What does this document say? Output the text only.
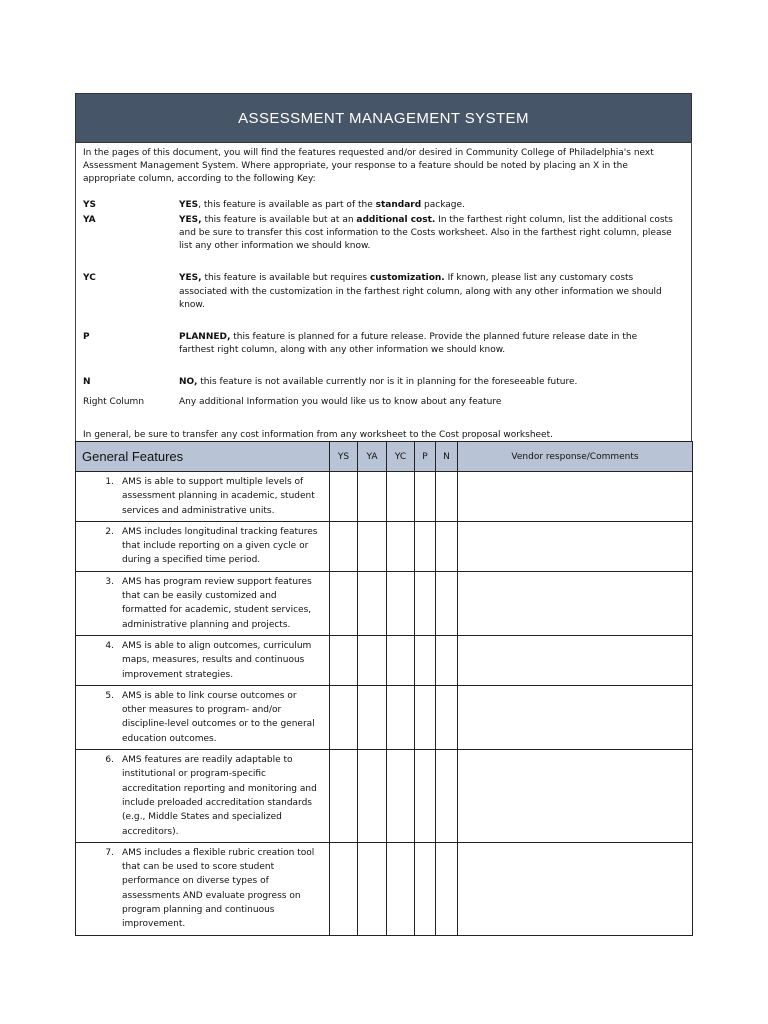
ASSESSMENT MANAGEMENT SYSTEM

In the pages of this document, you will find the features requested and/or desired in Community College of Philadelphia's next Assessment Management System. Where appropriate, your response to a feature should be noted by placing an X in the appropriate column, according to the following Key:

YS	YES, this feature is available as part of the standard package.
YA	YES, this feature is available but at an additional cost. In the farthest right column, list the additional costs and be sure to transfer this cost information to the Costs worksheet. Also in the farthest right column, please list any other information we should know.
YC	YES, this feature is available but requires customization. If known, please list any customary costs associated with the customization in the farthest right column, along with any other information we should know.
P	PLANNED, this feature is planned for a future release. Provide the planned future release date in the farthest right column, along with any other information we should know.
N	NO, this feature is not available currently nor is it in planning for the foreseeable future.
Right Column	Any additional Information you would like us to know about any feature
In general, be sure to transfer any cost information from any worksheet to the Cost proposal worksheet.
General Features	YS	YA	YC	P	N	Vendor response/Comments

1. AMS is able to support multiple levels of assessment planning in academic, student services and administrative units.						

2. AMS includes longitudinal tracking features that include reporting on a given cycle or during a specified time period.						

3. AMS has program review support features that can be easily customized and formatted for academic, student services, administrative planning and projects.						

4. AMS is able to align outcomes, curriculum maps, measures, results and continuous improvement strategies.						

5. AMS is able to link course outcomes or other measures to program- and/or discipline-level outcomes or to the general education outcomes.						

6. AMS features are readily adaptable to institutional or program-specific accreditation reporting and monitoring and include preloaded accreditation standards (e.g., Middle States and specialized accreditors).						

7. AMS includes a flexible rubric creation tool that can be used to score student performance on diverse types of assessments AND evaluate progress on program planning and continuous improvement.						
